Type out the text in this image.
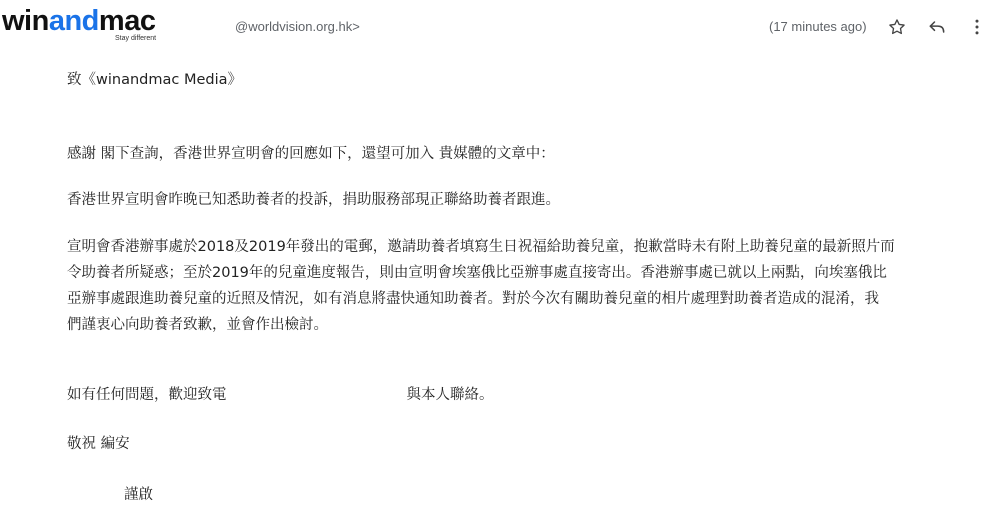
winandmac
Stay different
@worldvision.org.hk>	(17 minutes ago)

致《winandmac Media》

感謝 閣下查詢，香港世界宣明會的回應如下，還望可加入 貴媒體的文章中：

香港世界宣明會昨晚已知悉助養者的投訴，捐助服務部現正聯絡助養者跟進。

宣明會香港辦事處於2018及2019年發出的電郵，邀請助養者填寫生日祝福給助養兒童，抱歉當時未有附上助養兒童的最新照片而
令助養者所疑惑；至於2019年的兒童進度報告，則由宣明會埃塞俄比亞辦事處直接寄出。香港辦事處已就以上兩點，向埃塞俄比
亞辦事處跟進助養兒童的近照及情況，如有消息將盡快通知助養者。對於今次有關助養兒童的相片處理對助養者造成的混淆，我
們謹衷心向助養者致歉，並會作出檢討。

如有任何問題，歡迎致電	與本人聯絡。

敬祝 編安

謹啟
